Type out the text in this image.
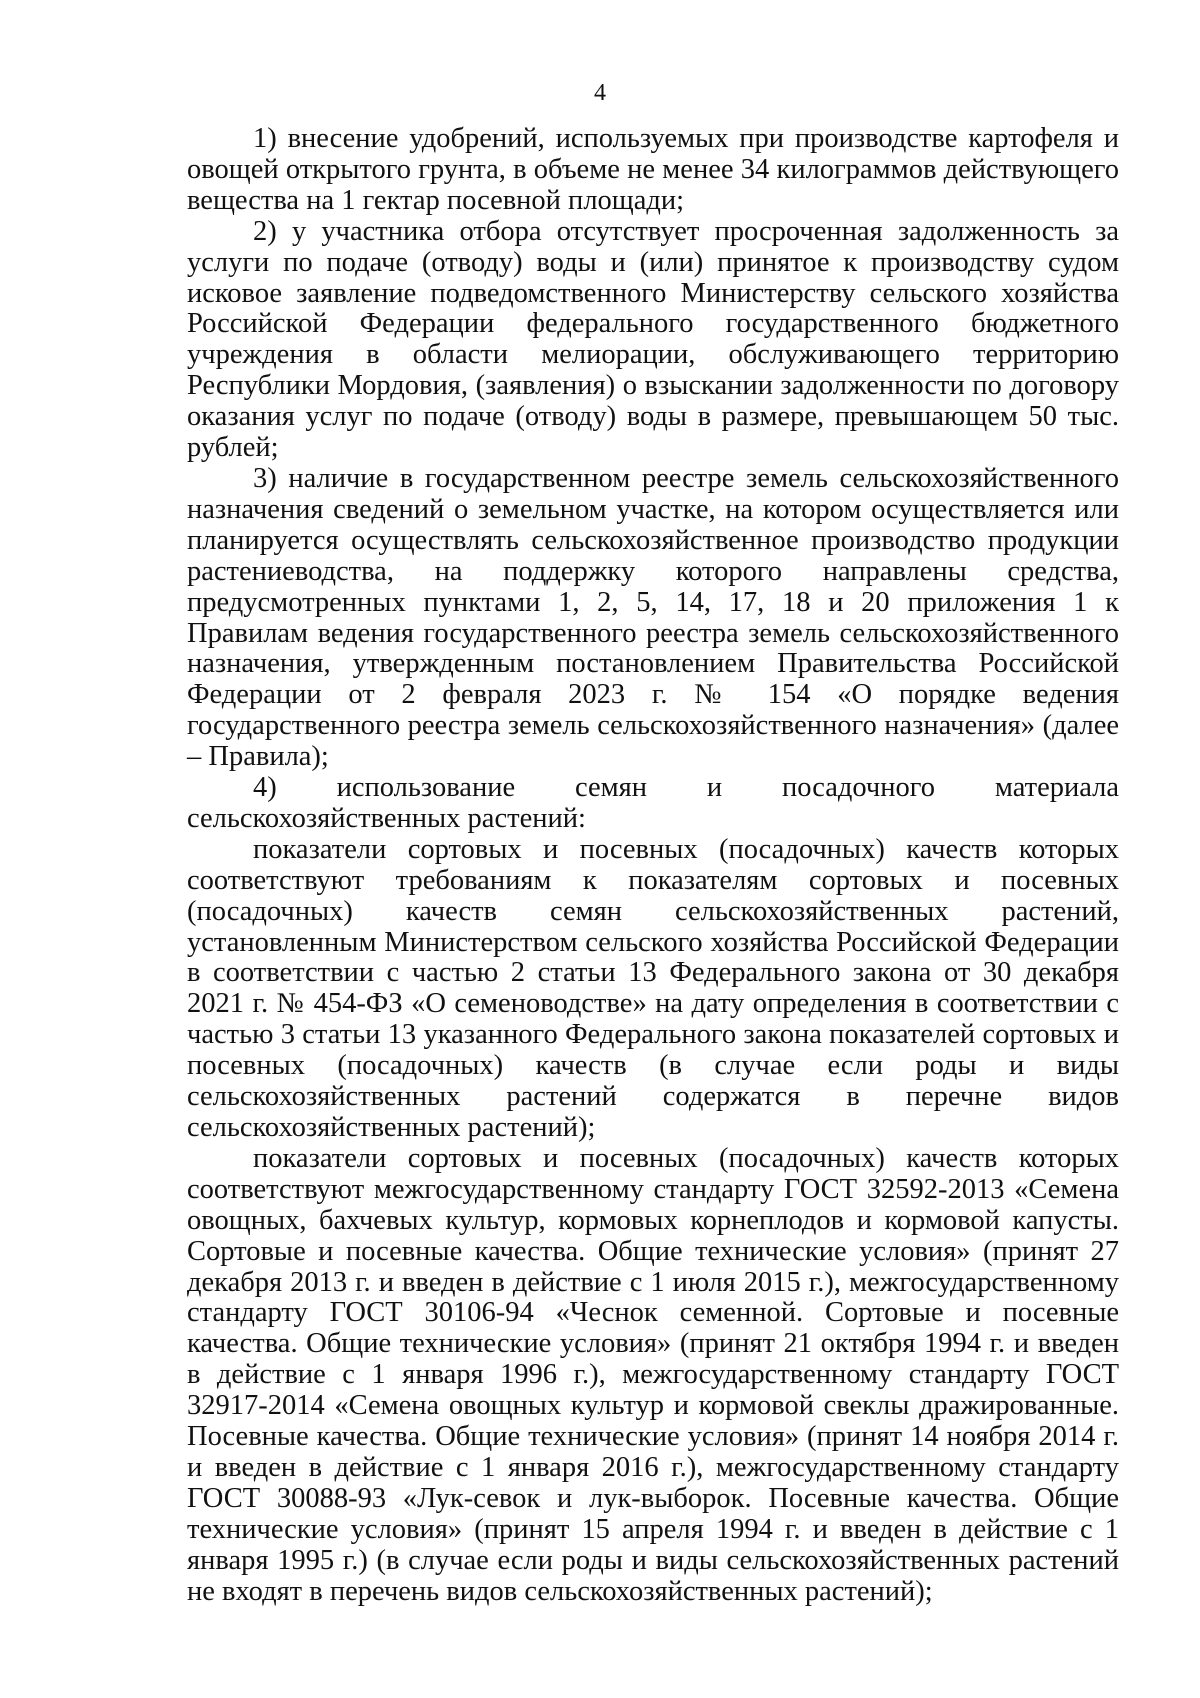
4

1) внесение удобрений, используемых при производстве картофеля и овощей открытого грунта, в объеме не менее 34 килограммов действующего вещества на 1 гектар посевной площади;

2) у участника отбора отсутствует просроченная задолженность за услуги по подаче (отводу) воды и (или) принятое к производству судом исковое заявление подведомственного Министерству сельского хозяйства Российской Федерации федерального государственного бюджетного учреждения в области мелиорации, обслуживающего территорию Республики Мордовия, (заявления) о взыскании задолженности по договору оказания услуг по подаче (отводу) воды в размере, превышающем 50 тыс. рублей;

3) наличие в государственном реестре земель сельскохозяйственного назначения сведений о земельном участке, на котором осуществляется или планируется осуществлять сельскохозяйственное производство продукции растениеводства, на поддержку которого направлены средства, предусмотренных пунктами 1, 2, 5, 14, 17, 18 и 20 приложения 1 к Правилам ведения государственного реестра земель сельскохозяйственного назначения, утвержденным постановлением Правительства Российской Федерации от 2 февраля 2023 г. № 154 «О порядке ведения государственного реестра земель сельскохозяйственного назначения» (далее – Правила);

4) использование семян и посадочного материала сельскохозяйственных растений:

показатели сортовых и посевных (посадочных) качеств которых соответствуют требованиям к показателям сортовых и посевных (посадочных) качеств семян сельскохозяйственных растений, установленным Министерством сельского хозяйства Российской Федерации в соответствии с частью 2 статьи 13 Федерального закона от 30 декабря 2021 г. № 454-ФЗ «О семеноводстве» на дату определения в соответствии с частью 3 статьи 13 указанного Федерального закона показателей сортовых и посевных (посадочных) качеств (в случае если роды и виды сельскохозяйственных растений содержатся в перечне видов сельскохозяйственных растений);

показатели сортовых и посевных (посадочных) качеств которых соответствуют межгосударственному стандарту ГОСТ 32592-2013 «Семена овощных, бахчевых культур, кормовых корнеплодов и кормовой капусты. Сортовые и посевные качества. Общие технические условия» (принят 27 декабря 2013 г. и введен в действие с 1 июля 2015 г.), межгосударственному стандарту ГОСТ 30106-94 «Чеснок семенной. Сортовые и посевные качества. Общие технические условия» (принят 21 октября 1994 г. и введен в действие с 1 января 1996 г.), межгосударственному стандарту ГОСТ 32917-2014 «Семена овощных культур и кормовой свеклы дражированные. Посевные качества. Общие технические условия» (принят 14 ноября 2014 г. и введен в действие с 1 января 2016 г.), межгосударственному стандарту ГОСТ 30088-93 «Лук-севок и лук-выборок. Посевные качества. Общие технические условия» (принят 15 апреля 1994 г. и введен в действие с 1 января 1995 г.) (в случае если роды и виды сельскохозяйственных растений не входят в перечень видов сельскохозяйственных растений);
